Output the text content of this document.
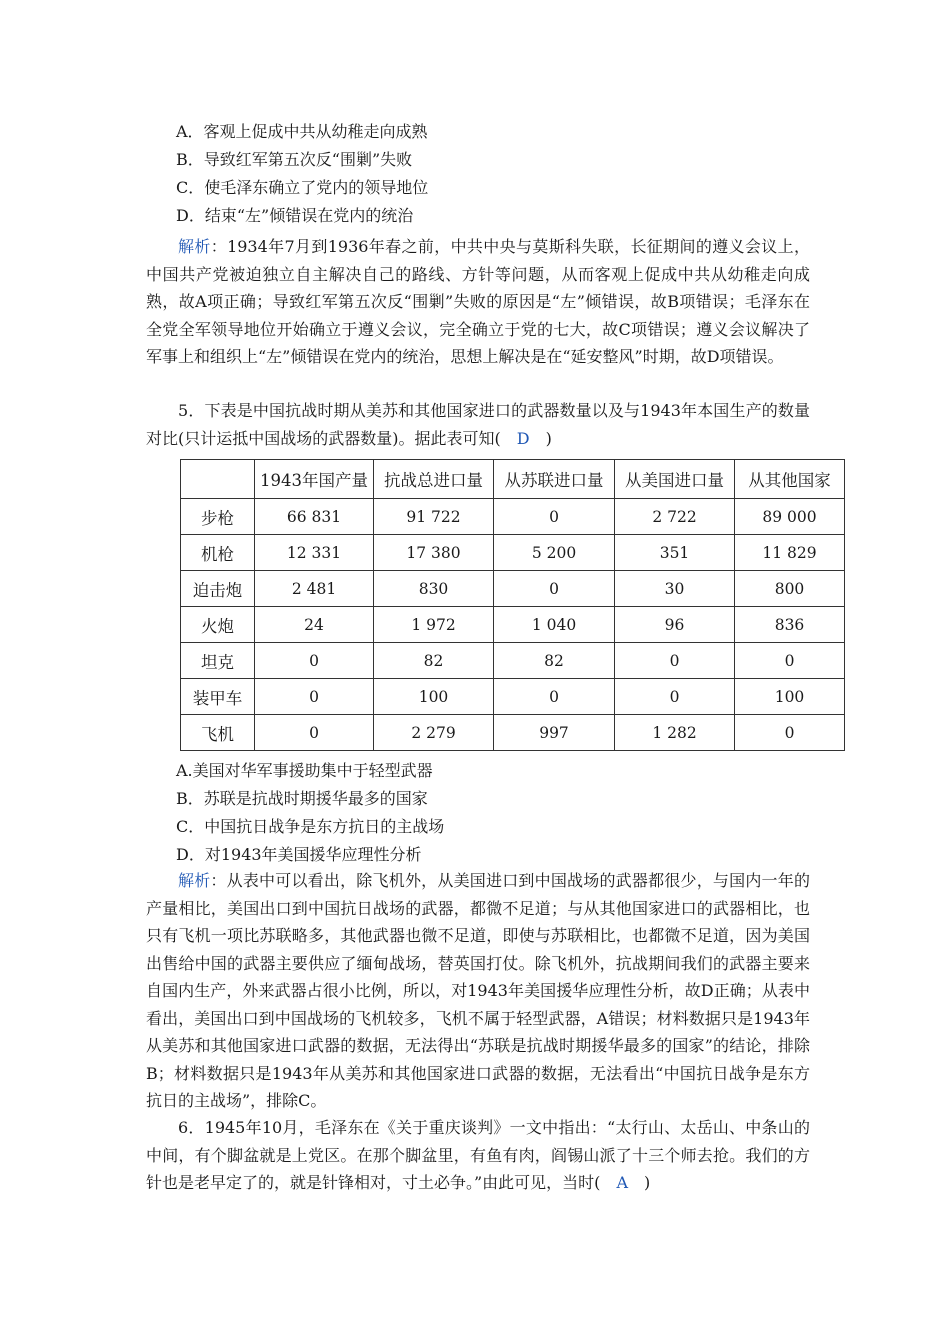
A．客观上促成中共从幼稚走向成熟
B．导致红军第五次反“围剿”失败
C．使毛泽东确立了党内的领导地位
D．结束“左”倾错误在党内的统治
解析：1934年7月到1936年春之前，中共中央与莫斯科失联，长征期间的遵义会议上，中国共产党被迫独立自主解决自己的路线、方针等问题，从而客观上促成中共从幼稚走向成熟，故A项正确；导致红军第五次反“围剿”失败的原因是“左”倾错误，故B项错误；毛泽东在全党全军领导地位开始确立于遵义会议，完全确立于党的七大，故C项错误；遵义会议解决了军事上和组织上“左”倾错误在党内的统治，思想上解决是在“延安整风”时期，故D项错误。
5．下表是中国抗战时期从美苏和其他国家进口的武器数量以及与1943年本国生产的数量对比(只计运抵中国战场的武器数量)。据此表可知(　D　)
	1943年国产量	抗战总进口量	从苏联进口量	从美国进口量	从其他国家
步枪	66 831	91 722	0	2 722	89 000
机枪	12 331	17 380	5 200	351	11 829
迫击炮	2 481	830	0	30	800
火炮	24	1 972	1 040	96	836
坦克	0	82	82	0	0
装甲车	0	100	0	0	100
飞机	0	2 279	997	1 282	0
A.美国对华军事援助集中于轻型武器
B．苏联是抗战时期援华最多的国家
C．中国抗日战争是东方抗日的主战场
D．对1943年美国援华应理性分析
解析：从表中可以看出，除飞机外，从美国进口到中国战场的武器都很少，与国内一年的产量相比，美国出口到中国抗日战场的武器，都微不足道；与从其他国家进口的武器相比，也只有飞机一项比苏联略多，其他武器也微不足道，即使与苏联相比，也都微不足道，因为美国出售给中国的武器主要供应了缅甸战场，替英国打仗。除飞机外，抗战期间我们的武器主要来自国内生产，外来武器占很小比例，所以，对1943年美国援华应理性分析，故D正确；从表中看出，美国出口到中国战场的飞机较多，飞机不属于轻型武器，A错误；材料数据只是1943年从美苏和其他国家进口武器的数据，无法得出“苏联是抗战时期援华最多的国家”的结论，排除B；材料数据只是1943年从美苏和其他国家进口武器的数据，无法看出“中国抗日战争是东方抗日的主战场”，排除C。
6．1945年10月，毛泽东在《关于重庆谈判》一文中指出：“太行山、太岳山、中条山的中间，有个脚盆就是上党区。在那个脚盆里，有鱼有肉，阎锡山派了十三个师去抢。我们的方针也是老早定了的，就是针锋相对，寸土必争。”由此可见，当时(　A　)
